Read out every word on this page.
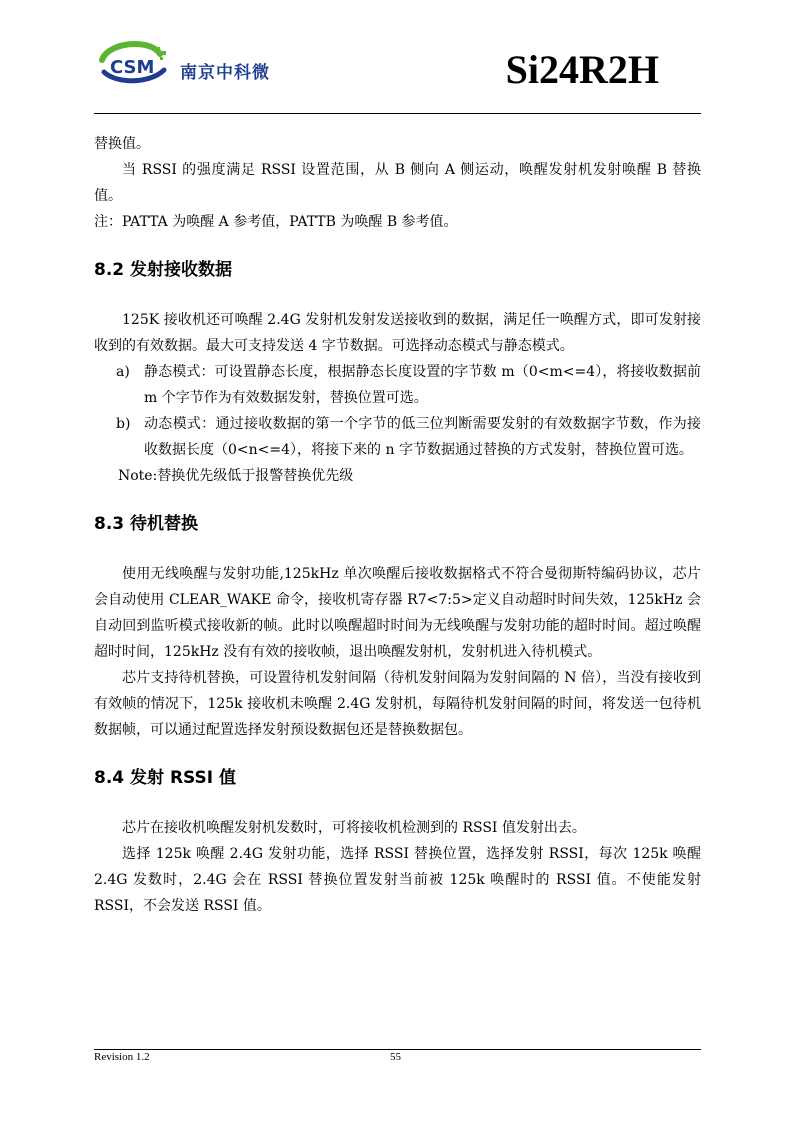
CSM 南京中科微	Si24R2H

替换值。

当 RSSI 的强度满足 RSSI 设置范围，从 B 侧向 A 侧运动，唤醒发射机发射唤醒 B 替换值。

注：PATTA 为唤醒 A 参考值，PATTB 为唤醒 B 参考值。

8.2 发射接收数据

125K 接收机还可唤醒 2.4G 发射机发射发送接收到的数据，满足任一唤醒方式，即可发射接收到的有效数据。最大可支持发送 4 字节数据。可选择动态模式与静态模式。

a)	静态模式：可设置静态长度，根据静态长度设置的字节数 m（0<m<=4），将接收数据前 m 个字节作为有效数据发射，替换位置可选。
b) 动态模式：通过接收数据的第一个字节的低三位判断需要发射的有效数据字节数，作为接收数据长度（0<n<=4），将接下来的 n 字节数据通过替换的方式发射，替换位置可选。

Note:替换优先级低于报警替换优先级

8.3 待机替换

使用无线唤醒与发射功能,125kHz 单次唤醒后接收数据格式不符合曼彻斯特编码协议，芯片会自动使用 CLEAR_WAKE 命令，接收机寄存器 R7<7:5>定义自动超时时间失效，125kHz 会自动回到监听模式接收新的帧。此时以唤醒超时时间为无线唤醒与发射功能的超时时间。超过唤醒超时时间，125kHz 没有有效的接收帧，退出唤醒发射机，发射机进入待机模式。

芯片支持待机替换，可设置待机发射间隔（待机发射间隔为发射间隔的 N 倍），当没有接收到有效帧的情况下，125k 接收机未唤醒 2.4G 发射机，每隔待机发射间隔的时间，将发送一包待机数据帧，可以通过配置选择发射预设数据包还是替换数据包。

8.4 发射 RSSI 值

芯片在接收机唤醒发射机发数时，可将接收机检测到的 RSSI 值发射出去。

选择 125k 唤醒 2.4G 发射功能，选择 RSSI 替换位置，选择发射 RSSI，每次 125k 唤醒 2.4G 发数时，2.4G 会在 RSSI 替换位置发射当前被 125k 唤醒时的 RSSI 值。不使能发射 RSSI，不会发送 RSSI 值。

Revision 1.2	55
